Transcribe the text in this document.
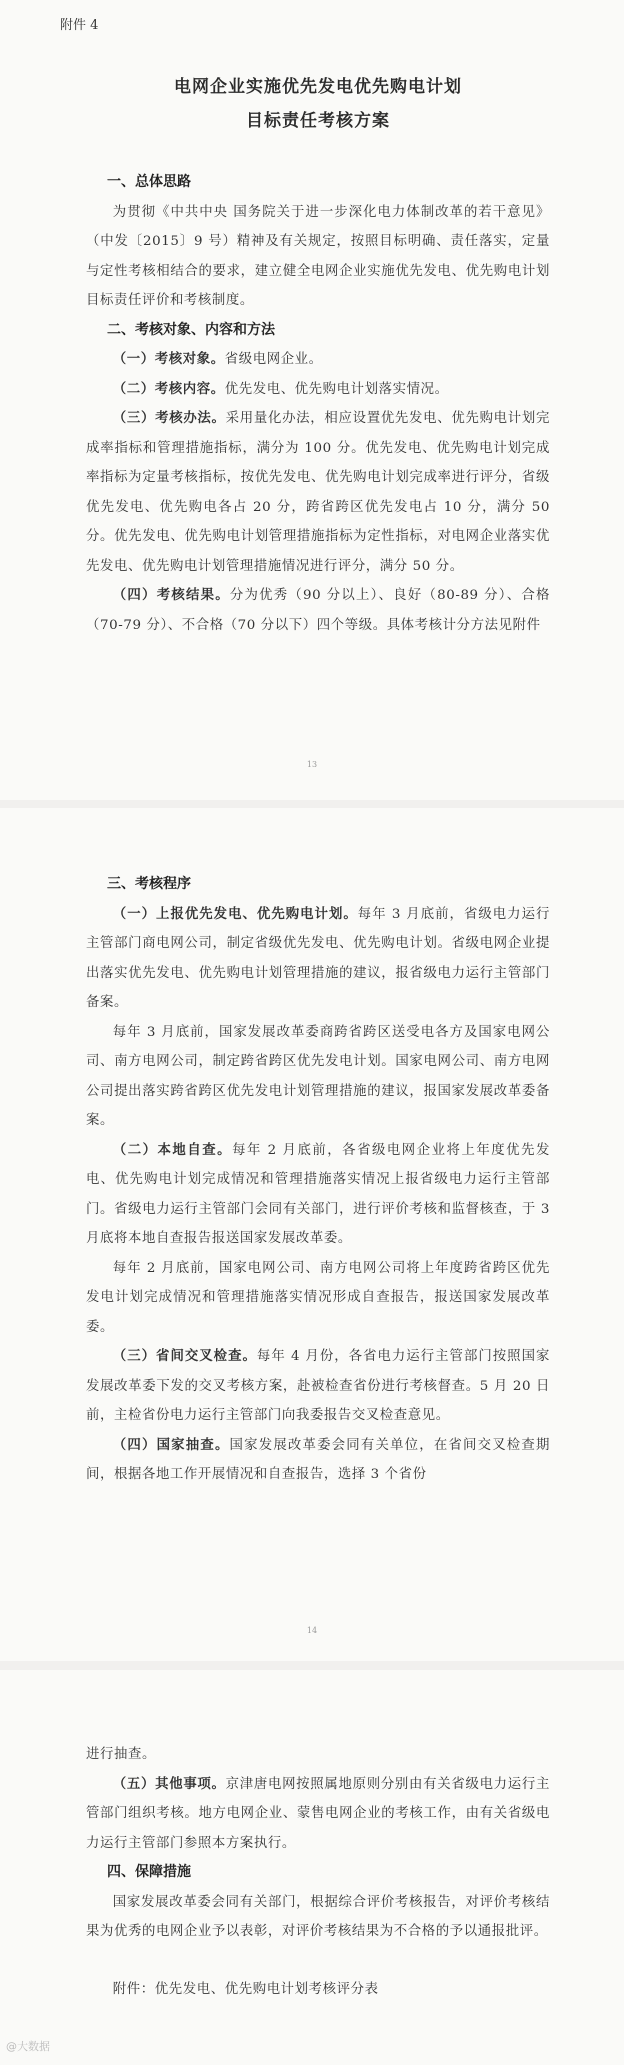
附件 4

电网企业实施优先发电优先购电计划

目标责任考核方案

一、总体思路

为贯彻《中共中央 国务院关于进一步深化电力体制改革的若干意见》（中发〔2015〕9 号）精神及有关规定，按照目标明确、责任落实，定量与定性考核相结合的要求，建立健全电网企业实施优先发电、优先购电计划目标责任评价和考核制度。

二、考核对象、内容和方法

（一）考核对象。省级电网企业。

（二）考核内容。优先发电、优先购电计划落实情况。

（三）考核办法。采用量化办法，相应设置优先发电、优先购电计划完成率指标和管理措施指标，满分为 100 分。优先发电、优先购电计划完成率指标为定量考核指标，按优先发电、优先购电计划完成率进行评分，省级优先发电、优先购电各占 20 分，跨省跨区优先发电占 10 分，满分 50 分。优先发电、优先购电计划管理措施指标为定性指标，对电网企业落实优先发电、优先购电计划管理措施情况进行评分，满分 50 分。

（四）考核结果。分为优秀（90 分以上）、良好（80-89 分）、合格（70-79 分）、不合格（70 分以下）四个等级。具体考核计分方法见附件

13

三、考核程序

（一）上报优先发电、优先购电计划。每年 3 月底前，省级电力运行主管部门商电网公司，制定省级优先发电、优先购电计划。省级电网企业提出落实优先发电、优先购电计划管理措施的建议，报省级电力运行主管部门备案。

每年 3 月底前，国家发展改革委商跨省跨区送受电各方及国家电网公司、南方电网公司，制定跨省跨区优先发电计划。国家电网公司、南方电网公司提出落实跨省跨区优先发电计划管理措施的建议，报国家发展改革委备案。

（二）本地自查。每年 2 月底前，各省级电网企业将上年度优先发电、优先购电计划完成情况和管理措施落实情况上报省级电力运行主管部门。省级电力运行主管部门会同有关部门，进行评价考核和监督核查，于 3 月底将本地自查报告报送国家发展改革委。

每年 2 月底前，国家电网公司、南方电网公司将上年度跨省跨区优先发电计划完成情况和管理措施落实情况形成自查报告，报送国家发展改革委。

（三）省间交叉检查。每年 4 月份，各省电力运行主管部门按照国家发展改革委下发的交叉考核方案，赴被检查省份进行考核督查。5 月 20 日前，主检省份电力运行主管部门向我委报告交叉检查意见。

（四）国家抽查。国家发展改革委会同有关单位，在省间交叉检查期间，根据各地工作开展情况和自查报告，选择 3 个省份

14

进行抽查。

（五）其他事项。京津唐电网按照属地原则分别由有关省级电力运行主管部门组织考核。地方电网企业、蒙售电网企业的考核工作，由有关省级电力运行主管部门参照本方案执行。

四、保障措施

国家发展改革委会同有关部门，根据综合评价考核报告，对评价考核结果为优秀的电网企业予以表彰，对评价考核结果为不合格的予以通报批评。

附件：优先发电、优先购电计划考核评分表

@大数据
